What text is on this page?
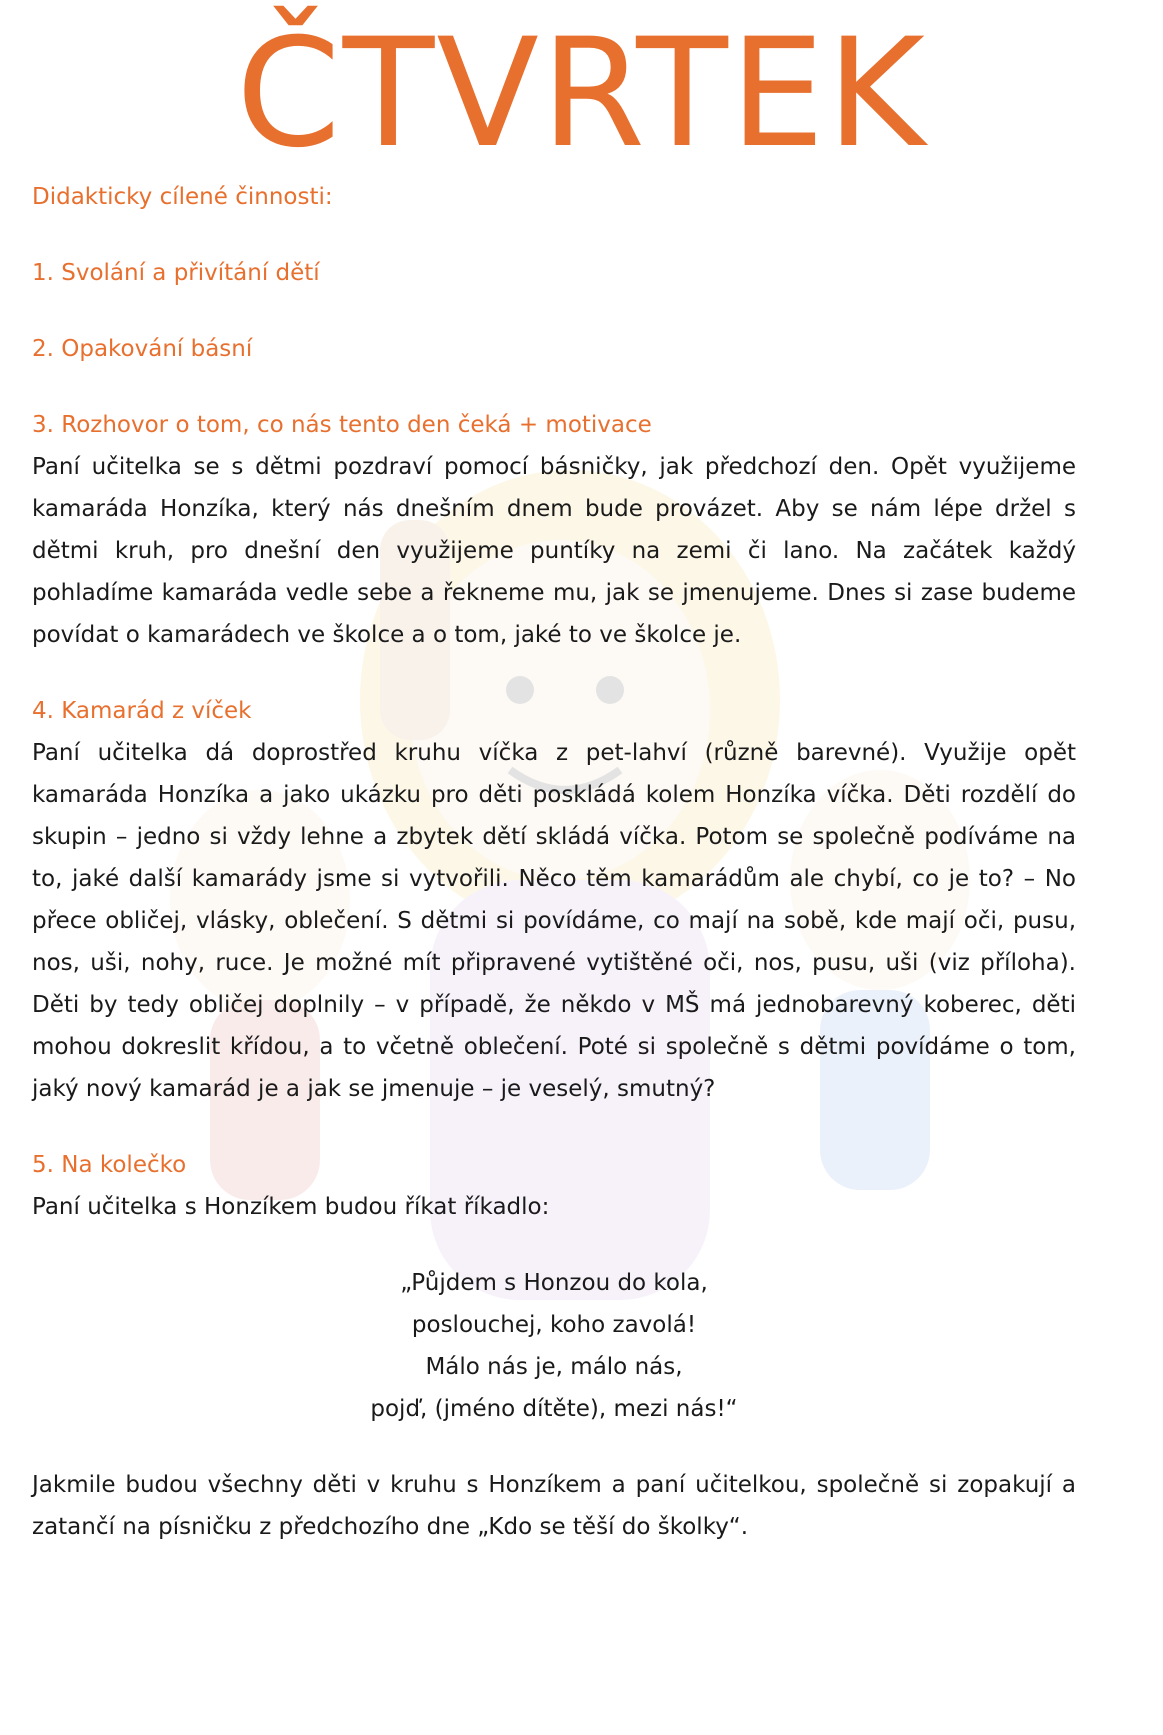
ČTVRTEK

Didakticky cílené činnosti:

1. Svolání a přivítání dětí

2. Opakování básní

3. Rozhovor o tom, co nás tento den čeká + motivace

Paní učitelka se s dětmi pozdraví pomocí básničky, jak předchozí den. Opět využijeme kamaráda Honzíka, který nás dnešním dnem bude provázet. Aby se nám lépe držel s dětmi kruh, pro dnešní den využijeme puntíky na zemi či lano. Na začátek každý pohladíme kamaráda vedle sebe a řekneme mu, jak se jmenujeme. Dnes si zase budeme povídat o kamarádech ve školce a o tom, jaké to ve školce je.

4. Kamarád z víček

Paní učitelka dá doprostřed kruhu víčka z pet-lahví (různě barevné). Využije opět kamaráda Honzíka a jako ukázku pro děti poskládá kolem Honzíka víčka. Děti rozdělí do skupin – jedno si vždy lehne a zbytek dětí skládá víčka. Potom se společně podíváme na to, jaké další kamarády jsme si vytvořili. Něco těm kamarádům ale chybí, co je to? – No přece obličej, vlásky, oblečení. S dětmi si povídáme, co mají na sobě, kde mají oči, pusu, nos, uši, nohy, ruce. Je možné mít připravené vytištěné oči, nos, pusu, uši (viz příloha). Děti by tedy obličej doplnily – v případě, že někdo v MŠ má jednobarevný koberec, děti mohou dokreslit křídou, a to včetně oblečení. Poté si společně s dětmi povídáme o tom, jaký nový kamarád je a jak se jmenuje – je veselý, smutný?

5. Na kolečko

Paní učitelka s Honzíkem budou říkat říkadlo:

„Půjdem s Honzou do kola,
poslouchej, koho zavolá!
Málo nás je, málo nás,
pojď, (jméno dítěte), mezi nás!“

Jakmile budou všechny děti v kruhu s Honzíkem a paní učitelkou, společně si zopakují a zatančí na písničku z předchozího dne „Kdo se těší do školky“.
